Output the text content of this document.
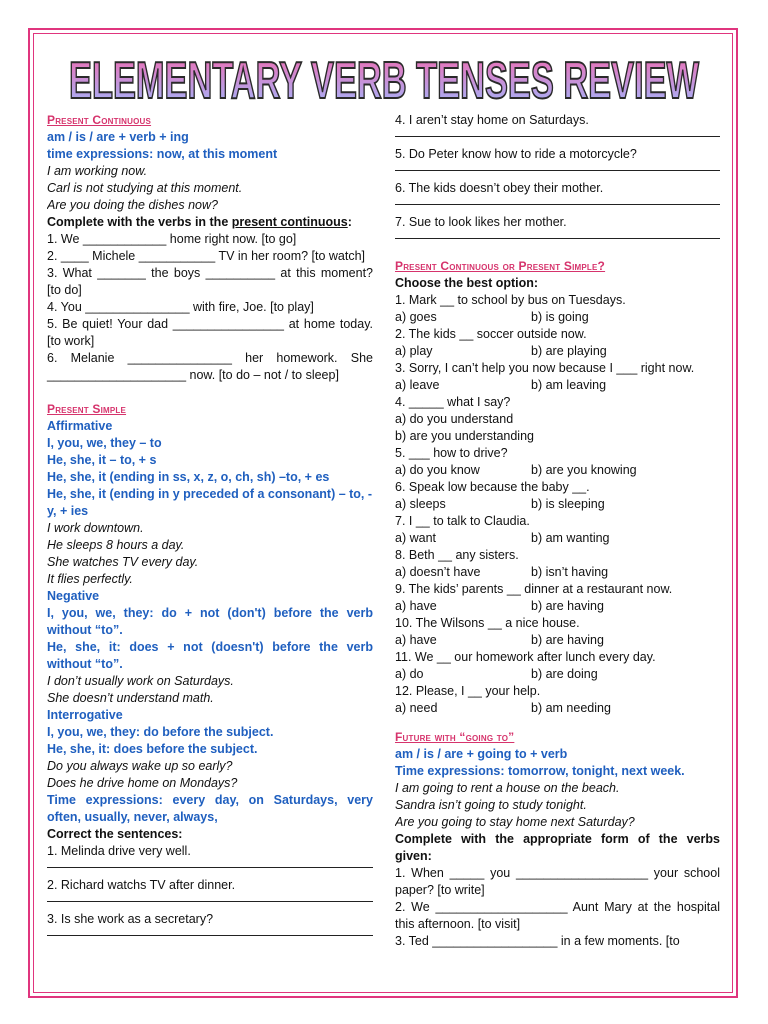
ELEMENTARY VERB TENSES REVIEW
Present Continuous
am / is / are + verb + ing
time expressions: now, at this moment
I am working now.
Carl is not studying at this moment.
Are you doing the dishes now?
Complete with the verbs in the present continuous:
1. We ____________ home right now. [to go]
2. ____ Michele ___________ TV in her room? [to watch]
3. What _______ the boys __________ at this moment? [to do]
4. You _______________ with fire, Joe. [to play]
5. Be quiet! Your dad ________________ at home today. [to work]
6. Melanie _______________ her homework. She ____________________ now. [to do – not / to sleep]
Present Simple
Affirmative
I, you, we, they – to
He, she, it – to, + s
He, she, it (ending in ss, x, z, o, ch, sh) –to, + es
He, she, it (ending in y preceded of a consonant) – to, - y, + ies
I work downtown.
He sleeps 8 hours a day.
She watches TV every day.
It flies perfectly.
Negative
I, you, we, they: do + not (don't) before the verb without “to”.
He, she, it: does + not (doesn't) before the verb without “to”.
I don’t usually work on Saturdays.
She doesn’t understand math.
Interrogative
I, you, we, they: do before the subject.
He, she, it: does before the subject.
Do you always wake up so early?
Does he drive home on Mondays?
Time expressions: every day, on Saturdays, very often, usually, never, always,
Correct the sentences:
1. Melinda drive very well.
2. Richard watchs TV after dinner.
3. Is she work as a secretary?
4. I aren’t stay home on Saturdays.
5. Do Peter know how to ride a motorcycle?
6. The kids doesn’t obey their mother.
7. Sue to look likes her mother.
Present Continuous or Present Simple?
Choose the best option:
1. Mark __ to school by bus on Tuesdays.
a) goes	b) is going
2. The kids __ soccer outside now.
a) play	b) are playing
3. Sorry, I can’t help you now because I ___ right now.
a) leave	b) am leaving
4. _____ what I say?
a) do you understand
b) are you understanding
5. ___ how to drive?
a) do you know	b) are you knowing
6. Speak low because the baby __.
a) sleeps	b) is sleeping
7. I __ to talk to Claudia.
a) want	b) am wanting
8. Beth __ any sisters.
a) doesn’t have	b) isn’t having
9. The kids’ parents __ dinner at a restaurant now.
a) have	b) are having
10. The Wilsons __ a nice house.
a) have	b) are having
11. We __ our homework after lunch every day.
a) do	b) are doing
12. Please, I __ your help.
a) need	b) am needing
Future with “going to”
am / is / are + going to + verb
Time expressions: tomorrow, tonight, next week.
I am going to rent a house on the beach.
Sandra isn’t going to study tonight.
Are you going to stay home next Saturday?
Complete with the appropriate form of the verbs given:
1. When _____ you ___________________ your school paper? [to write]
2. We ___________________ Aunt Mary at the hospital this afternoon. [to visit]
3. Ted __________________ in a few moments. [to
